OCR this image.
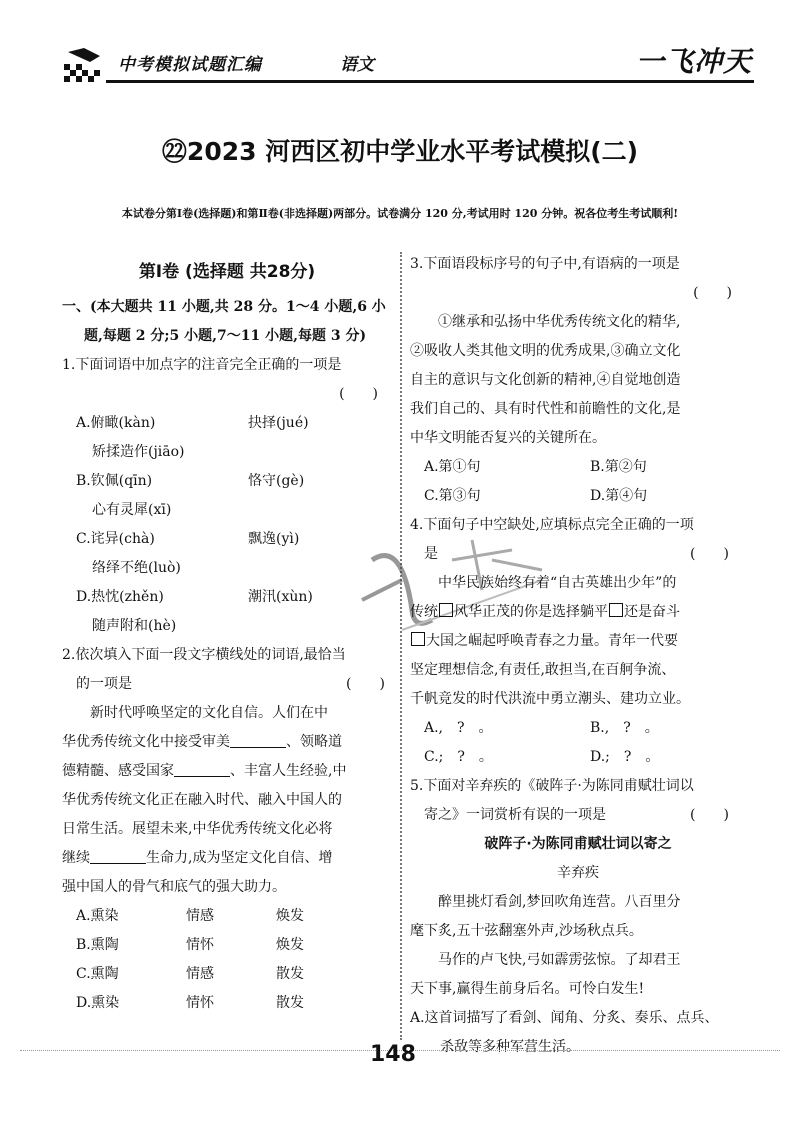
中考模拟试题汇编	语文	一飞冲天
㉒2023 河西区初中学业水平考试模拟(二)
本试卷分第Ⅰ卷(选择题)和第Ⅱ卷(非选择题)两部分。试卷满分 120 分,考试用时 120 分钟。祝各位考生考试顺利!
第Ⅰ卷 (选择题 共28分)

一、(本大题共 11 小题,共 28 分。1～4 小题,6 小

题,每题 2 分;5 小题,7～11 小题,每题 3 分)

1.下面词语中加点字的注音完全正确的一项是

(　　)

A.俯瞰(kàn)	抉择(jué)

矫揉造作(jiāo)

B.钦佩(qīn)	恪守(gè)

心有灵犀(xī)

C.诧异(chà)	飘逸(yì)

络绎不绝(luò)

D.热忱(zhěn)	潮汛(xùn)

随声附和(hè)

2.依次填入下面一段文字横线处的词语,最恰当

的一项是	(　　)

新时代呼唤坚定的文化自信。人们在中

华优秀传统文化中接受审美	、领略道

德精髓、感受国家	、丰富人生经验,中

华优秀传统文化正在融入时代、融入中国人的

日常生活。展望未来,中华优秀传统文化必将

继续	生命力,成为坚定文化自信、增

强中国人的骨气和底气的强大助力。

A.熏染	情感	焕发
B.熏陶	情怀	焕发
C.熏陶	情感	散发
D.熏染	情怀	散发

3.下面语段标序号的句子中,有语病的一项是

(　　)

①继承和弘扬中华优秀传统文化的精华,

②吸收人类其他文明的优秀成果,③确立文化

自主的意识与文化创新的精神,④自觉地创造

我们自己的、具有时代性和前瞻性的文化,是

中华文明能否复兴的关键所在。

A.第①句	B.第②句
C.第③句	D.第④句

4.下面句子中空缺处,应填标点完全正确的一项

是	(　　)

中华民族始终有着“自古英雄出少年”的

传统 风华正茂的你是选择躺平 还是奋斗

大国之崛起呼唤青春之力量。青年一代要

坚定理想信念,有责任,敢担当,在百舸争流、

千帆竞发的时代洪流中勇立潮头、建功立业。

A.,　?　。	B.,　?　。
C.;　?　。	D.;　?　。

5.下面对辛弃疾的《破阵子·为陈同甫赋壮词以

寄之》一词赏析有误的一项是	(　　)
破阵子·为陈同甫赋壮词以寄之
辛弃疾

醉里挑灯看剑,梦回吹角连营。八百里分

麾下炙,五十弦翻塞外声,沙场秋点兵。

马作的卢飞快,弓如霹雳弦惊。了却君王

天下事,赢得生前身后名。可怜白发生!

A.这首词描写了看剑、闻角、分炙、奏乐、点兵、

杀敌等多种军营生活。

148
